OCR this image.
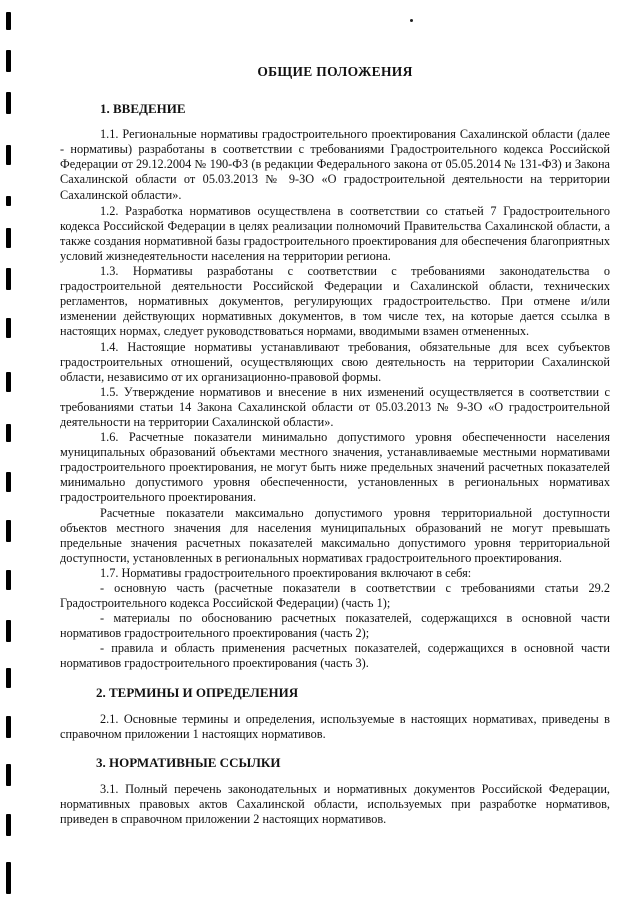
ОБЩИЕ ПОЛОЖЕНИЯ
1. ВВЕДЕНИЕ

1.1. Региональные нормативы градостроительного проектирования Сахалинской области (далее - нормативы) разработаны в соответствии с требованиями Градостроительного кодекса Российской Федерации от 29.12.2004 № 190-ФЗ (в редакции Федерального закона от 05.05.2014 № 131-ФЗ) и Закона Сахалинской области от 05.03.2013 № 9-ЗО «О градостроительной деятельности на территории Сахалинской области».

1.2. Разработка нормативов осуществлена в соответствии со статьей 7 Градостроительного кодекса Российской Федерации в целях реализации полномочий Правительства Сахалинской области, а также создания нормативной базы градостроительного проектирования для обеспечения благоприятных условий жизнедеятельности населения на территории региона.

1.3. Нормативы разработаны с соответствии с требованиями законодательства о градостроительной деятельности Российской Федерации и Сахалинской области, технических регламентов, нормативных документов, регулирующих градостроительство. При отмене и/или изменении действующих нормативных документов, в том числе тех, на которые дается ссылка в настоящих нормах, следует руководствоваться нормами, вводимыми взамен отмененных.

1.4. Настоящие нормативы устанавливают требования, обязательные для всех субъектов градостроительных отношений, осуществляющих свою деятельность на территории Сахалинской области, независимо от их организационно-правовой формы.

1.5. Утверждение нормативов и внесение в них изменений осуществляется в соответствии с требованиями статьи 14 Закона Сахалинской области от 05.03.2013 № 9-ЗО «О градостроительной деятельности на территории Сахалинской области».

1.6. Расчетные показатели минимально допустимого уровня обеспеченности населения муниципальных образований объектами местного значения, устанавливаемые местными нормативами градостроительного проектирования, не могут быть ниже предельных значений расчетных показателей минимально допустимого уровня обеспеченности, установленных в региональных нормативах градостроительного проектирования.

Расчетные показатели максимально допустимого уровня территориальной доступности объектов местного значения для населения муниципальных образований не могут превышать предельные значения расчетных показателей максимально допустимого уровня территориальной доступности, установленных в региональных нормативах градостроительного проектирования.

1.7. Нормативы градостроительного проектирования включают в себя:

- основную часть (расчетные показатели в соответствии с требованиями статьи 29.2 Градостроительного кодекса Российской Федерации) (часть 1);

- материалы по обоснованию расчетных показателей, содержащихся в основной части нормативов градостроительного проектирования (часть 2);

- правила и область применения расчетных показателей, содержащихся в основной части нормативов градостроительного проектирования (часть 3).

2. ТЕРМИНЫ И ОПРЕДЕЛЕНИЯ

2.1. Основные термины и определения, используемые в настоящих нормативах, приведены в справочном приложении 1 настоящих нормативов.

3. НОРМАТИВНЫЕ ССЫЛКИ

3.1. Полный перечень законодательных и нормативных документов Российской Федерации, нормативных правовых актов Сахалинской области, используемых при разработке нормативов, приведен в справочном приложении 2 настоящих нормативов.
